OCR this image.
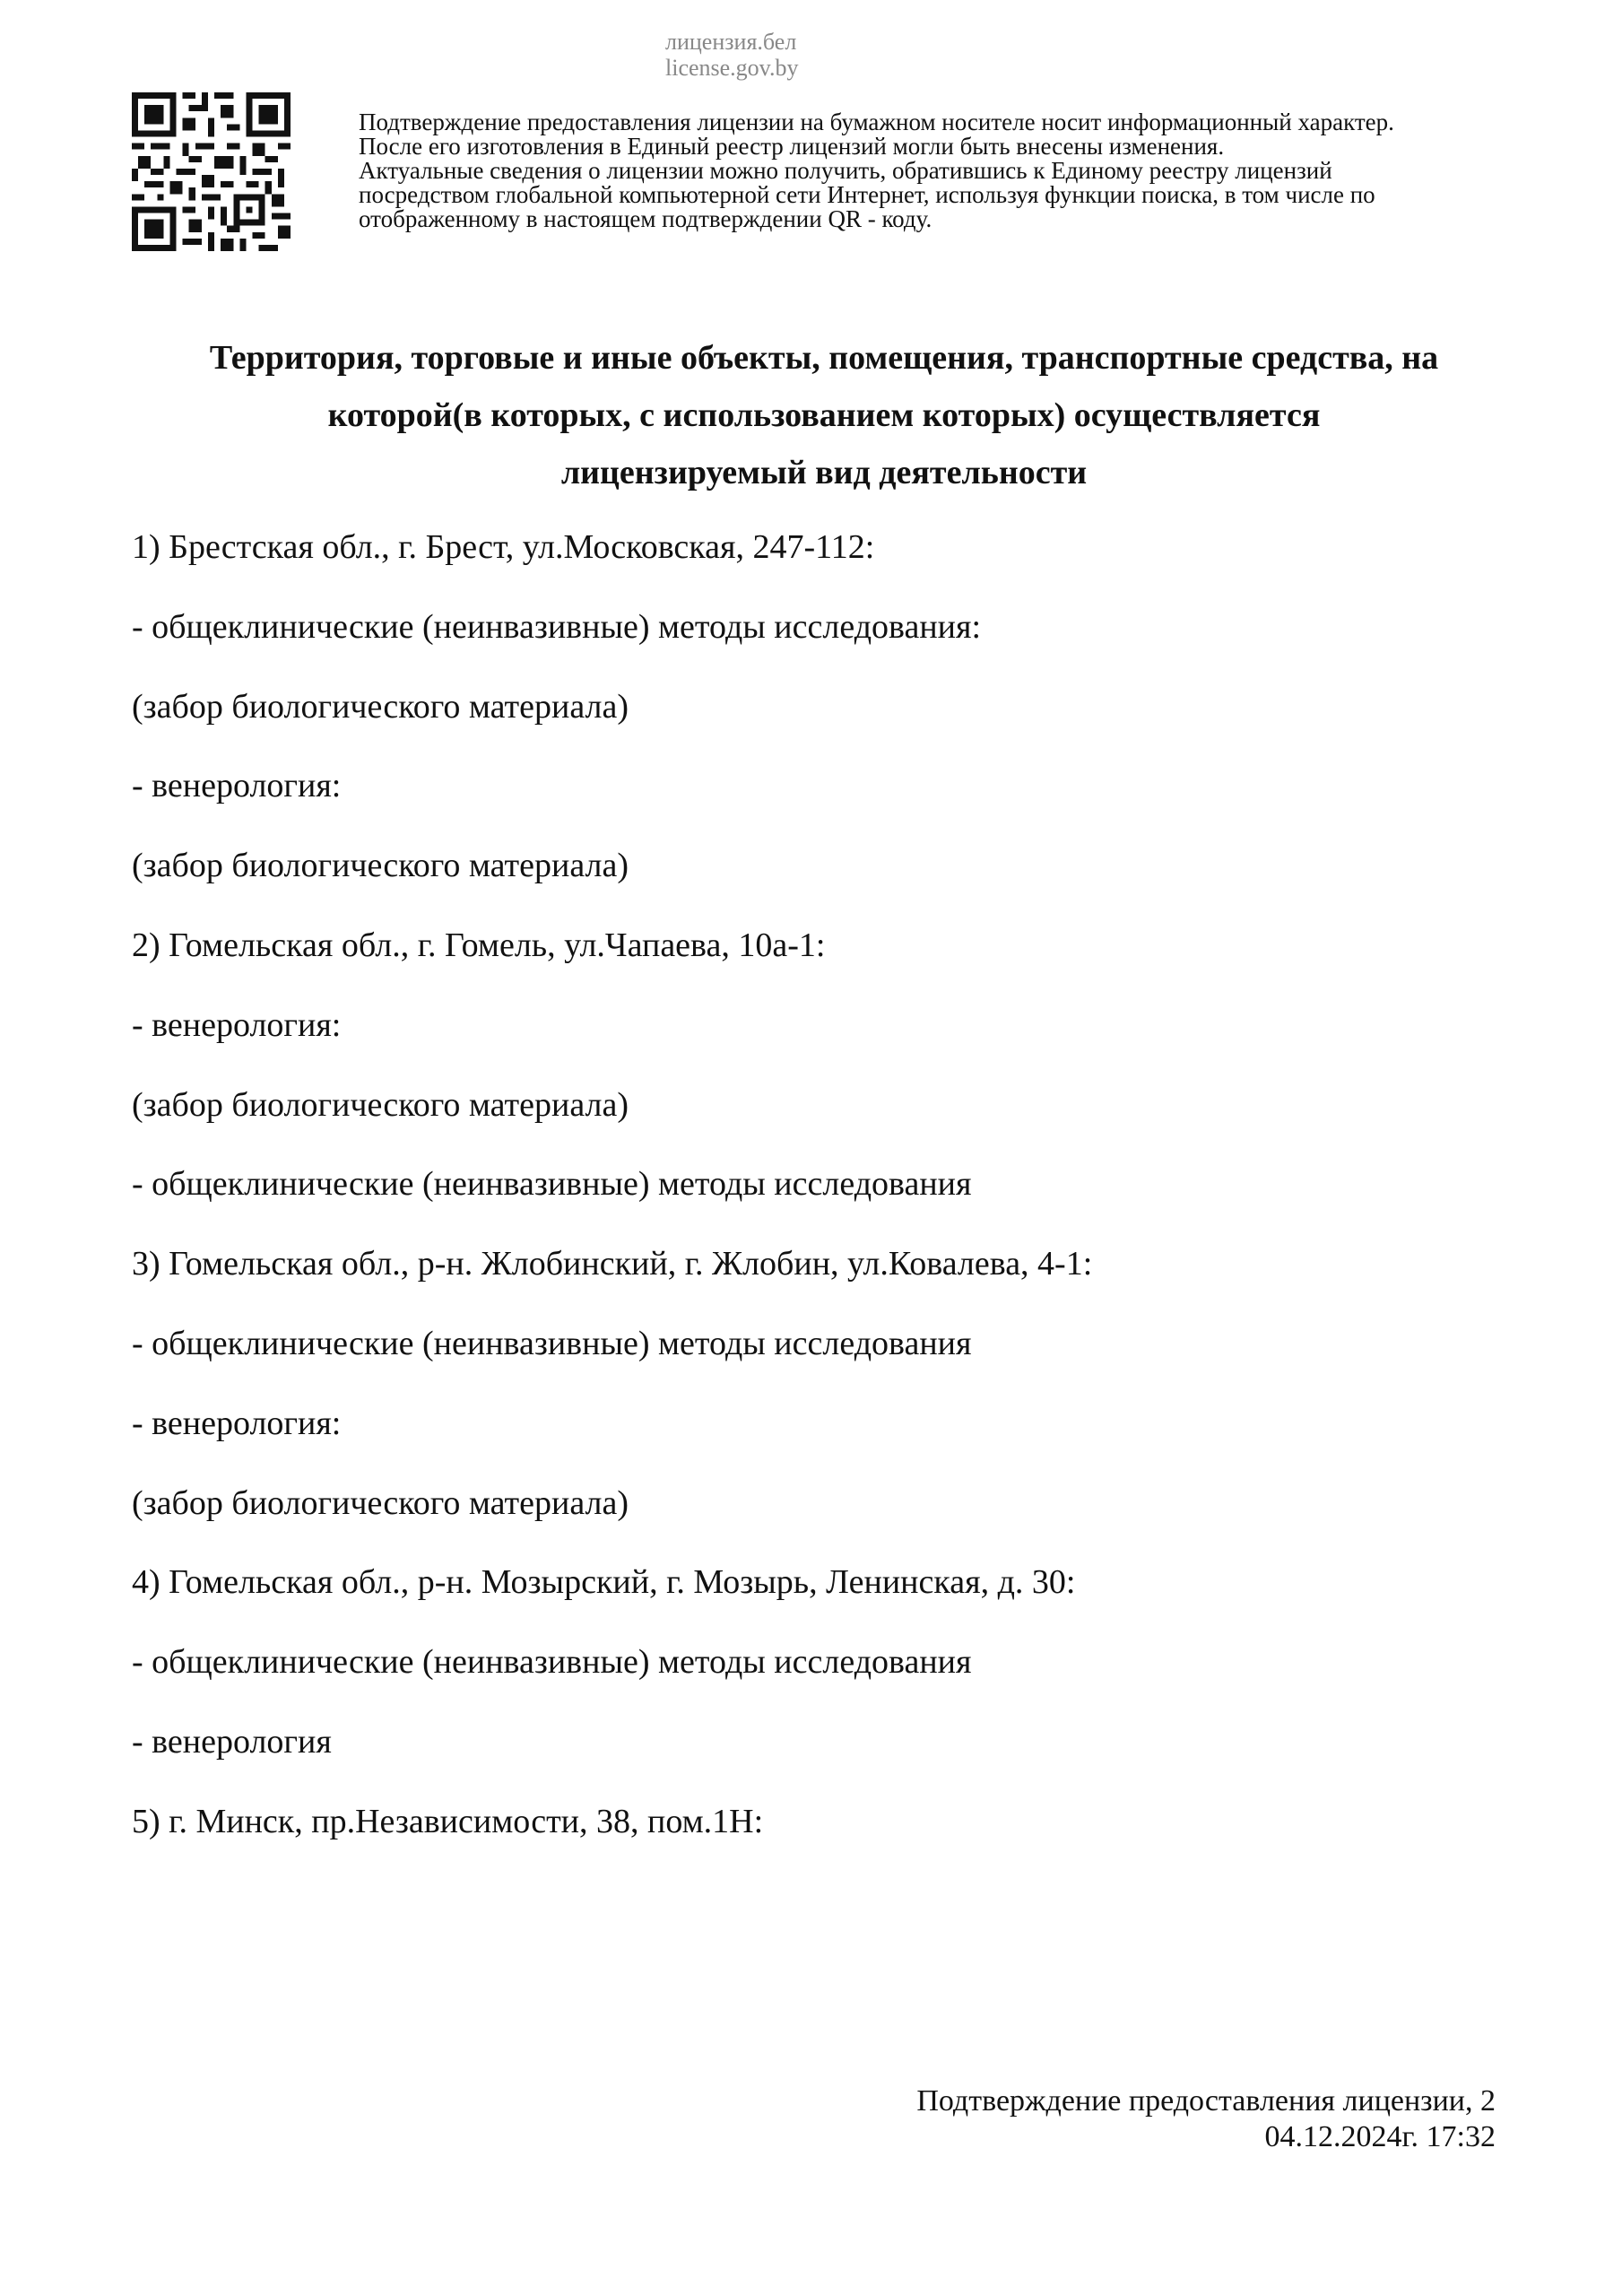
лицензия.бел
license.gov.by
Подтверждение предоставления лицензии на бумажном носителе носит информационный характер.
После его изготовления в Единый реестр лицензий могли быть внесены изменения.
Актуальные сведения о лицензии можно получить, обратившись к Единому реестру лицензий
посредством глобальной компьютерной сети Интернет, используя функции поиска, в том числе по
отображенному в настоящем подтверждении QR - коду.
Территория, торговые и иные объекты, помещения, транспортные средства, на
которой(в которых, с использованием которых) осуществляется
лицензируемый вид деятельности
1) Брестская обл., г. Брест, ул.Московская, 247-112:
- общеклинические (неинвазивные) методы исследования:
(забор биологического материала)
- венерология:
(забор биологического материала)
2) Гомельская обл., г. Гомель, ул.Чапаева, 10а-1:
- венерология:
(забор биологического материала)
- общеклинические (неинвазивные) методы исследования
3) Гомельская обл., р-н. Жлобинский, г. Жлобин, ул.Ковалева, 4-1:
- общеклинические (неинвазивные) методы исследования
- венерология:
(забор биологического материала)
4) Гомельская обл., р-н. Мозырский, г. Мозырь, Ленинская, д. 30:
- общеклинические (неинвазивные) методы исследования
- венерология
5) г. Минск, пр.Независимости, 38, пом.1Н:
Подтверждение предоставления лицензии, 2
04.12.2024г. 17:32
